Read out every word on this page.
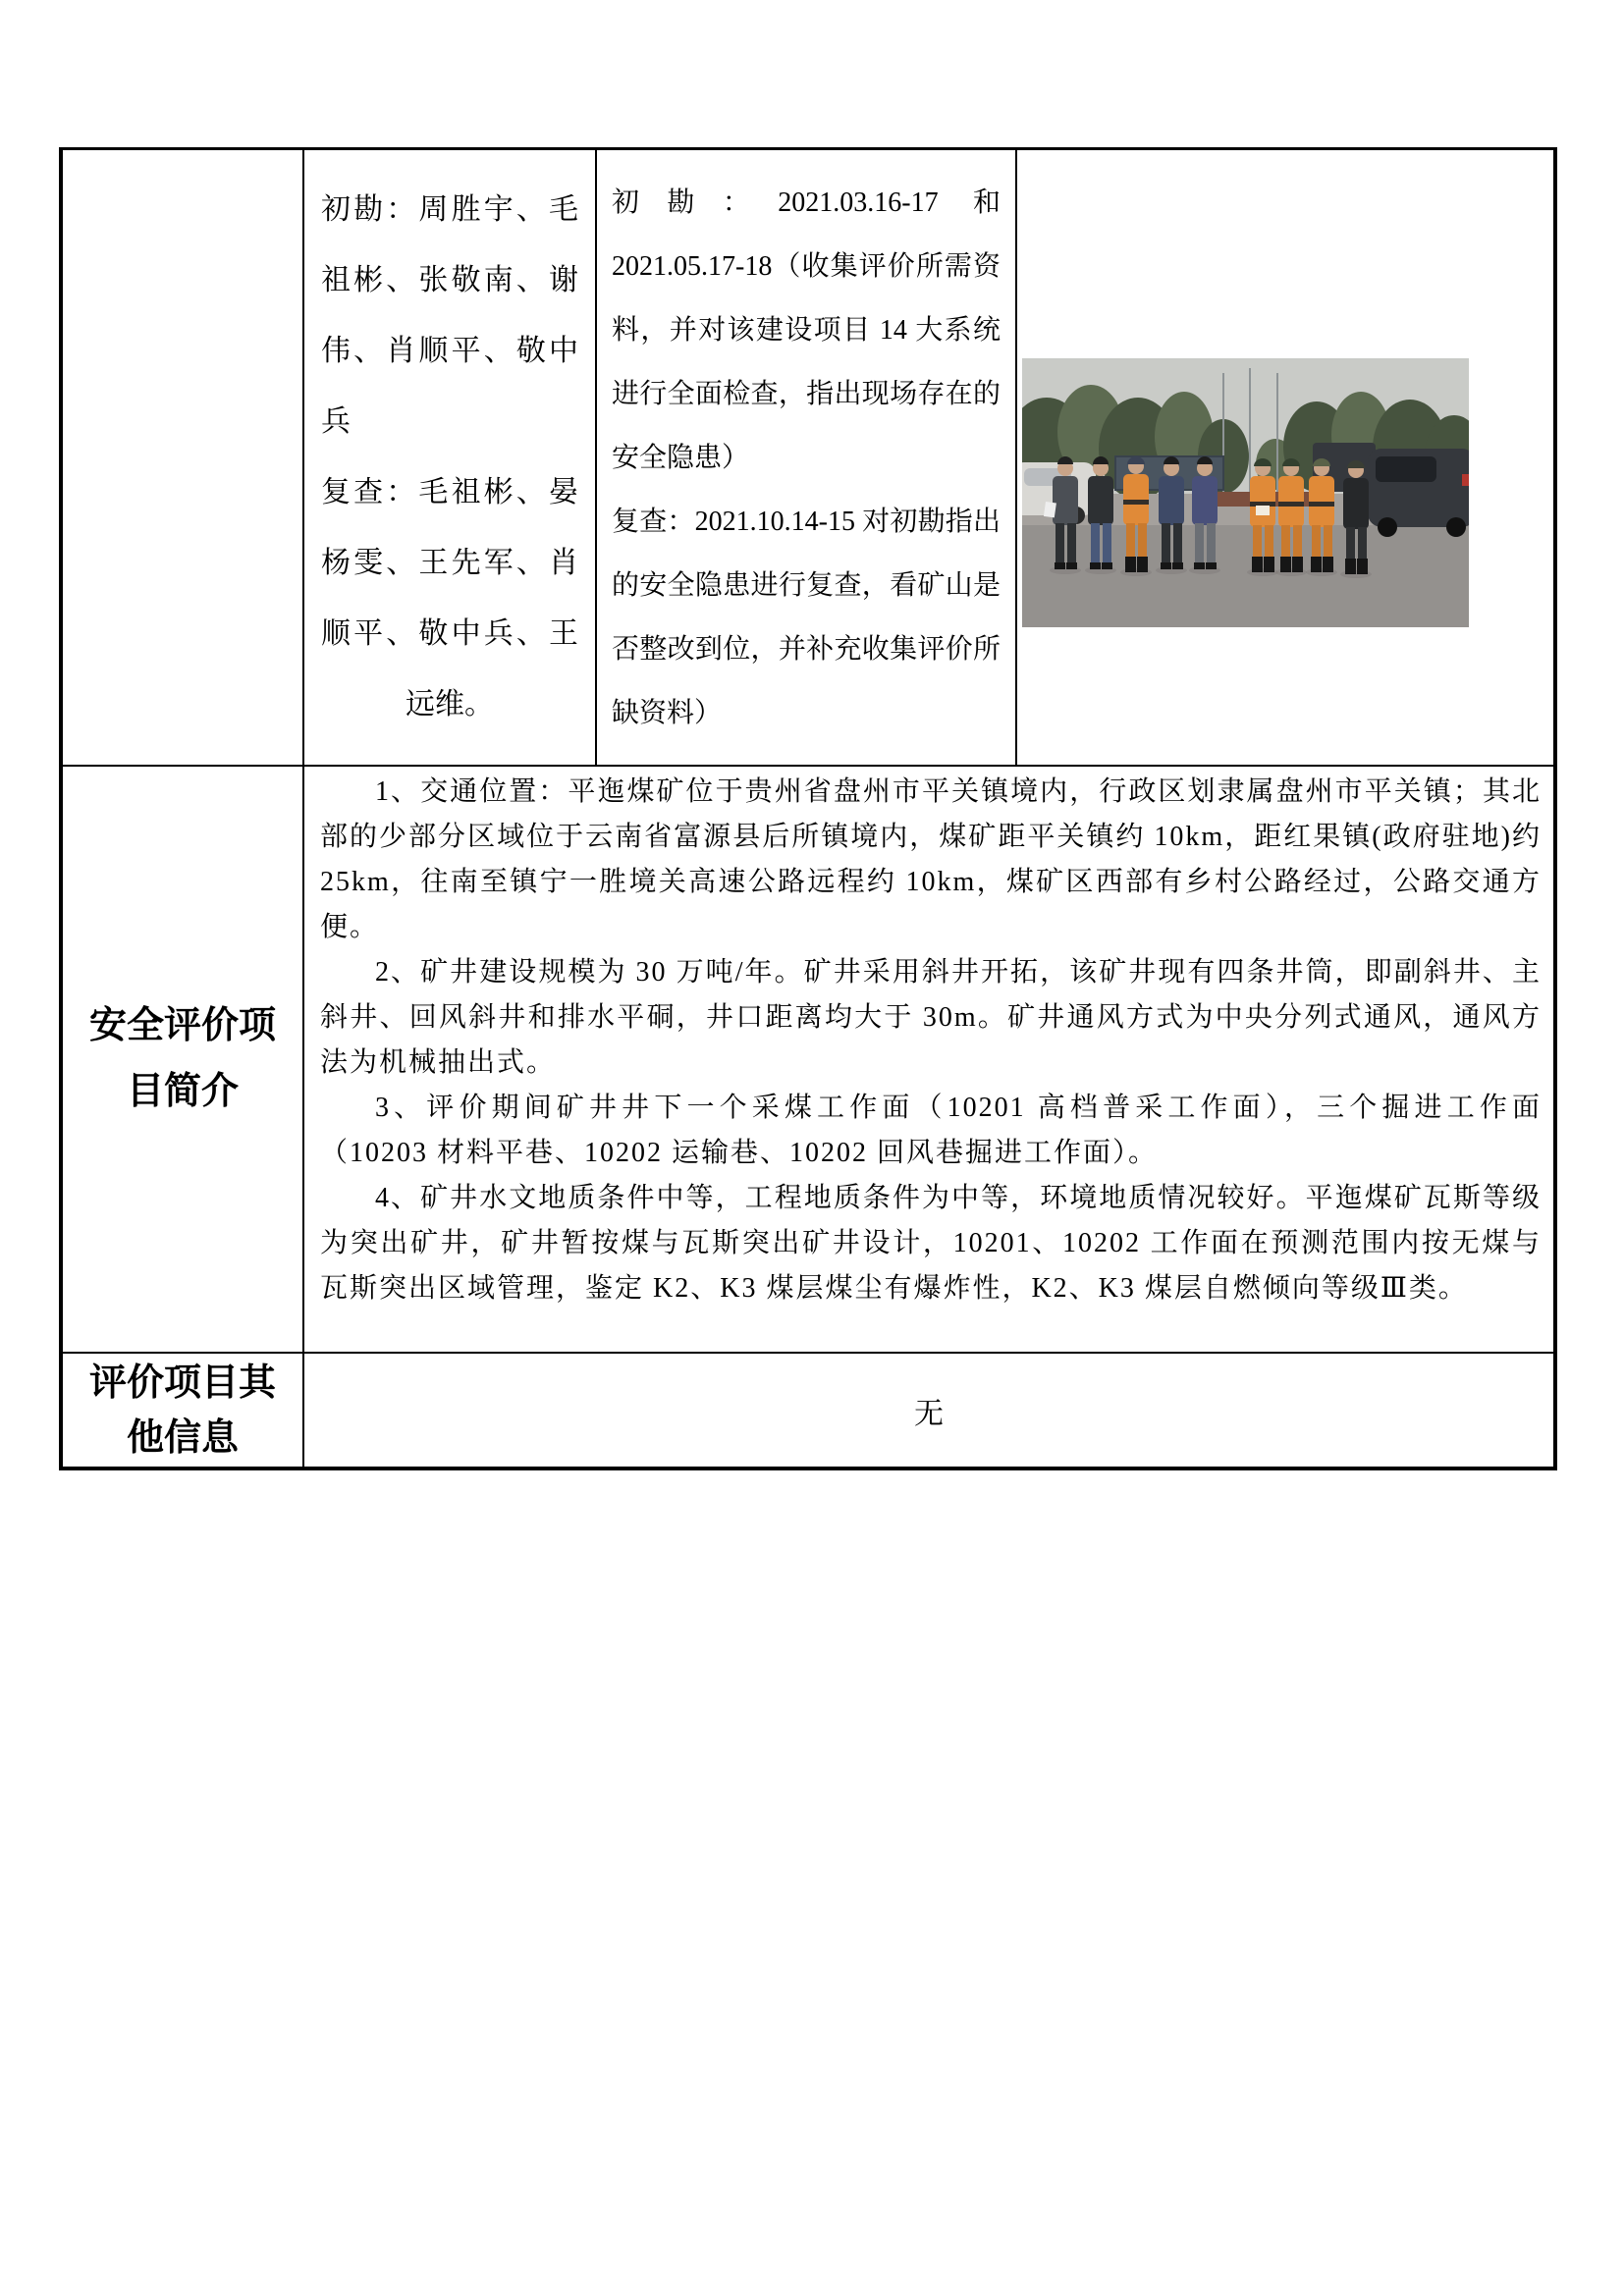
初勘：周胜宇、毛祖彬、张敬南、谢伟、肖顺平、敬中兵

复查：毛祖彬、晏杨雯、王先军、肖顺平、敬中兵、王远维。

初勘：2021.03.16-17 和 2021.05.17-18（收集评价所需资料，并对该建设项目 14 大系统进行全面检查，指出现场存在的安全隐患）

复查：2021.10.14-15 对初勘指出的安全隐患进行复查，看矿山是否整改到位，并补充收集评价所缺资料）

安全评价项
目简介

1、交通位置：平迤煤矿位于贵州省盘州市平关镇境内，行政区划隶属盘州市平关镇；其北部的少部分区域位于云南省富源县后所镇境内，煤矿距平关镇约 10km，距红果镇(政府驻地)约 25km，往南至镇宁一胜境关高速公路远程约 10km，煤矿区西部有乡村公路经过，公路交通方便。

2、矿井建设规模为 30 万吨/年。矿井采用斜井开拓，该矿井现有四条井筒，即副斜井、主斜井、回风斜井和排水平硐，井口距离均大于 30m。矿井通风方式为中央分列式通风，通风方法为机械抽出式。

3、评价期间矿井井下一个采煤工作面（10201 高档普采工作面），三个掘进工作面（10203 材料平巷、10202 运输巷、10202 回风巷掘进工作面）。

4、矿井水文地质条件中等，工程地质条件为中等，环境地质情况较好。平迤煤矿瓦斯等级为突出矿井，矿井暂按煤与瓦斯突出矿井设计，10201、10202 工作面在预测范围内按无煤与瓦斯突出区域管理，鉴定 K2、K3 煤层煤尘有爆炸性，K2、K3 煤层自燃倾向等级Ⅲ类。

评价项目其
他信息
无
